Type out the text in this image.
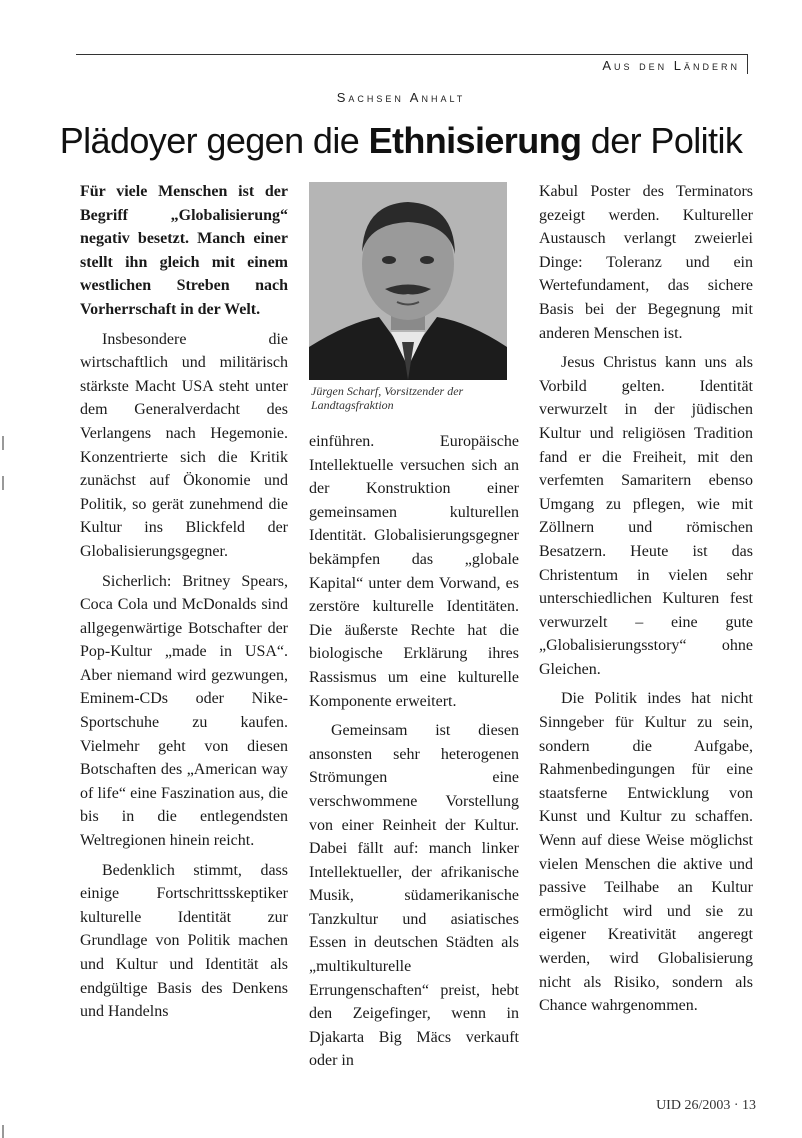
Aus den Ländern
Sachsen Anhalt
Plädoyer gegen die Ethnisierung der Politik

Für viele Menschen ist der Begriff „Globalisierung“ negativ besetzt. Manch einer stellt ihn gleich mit einem westlichen Streben nach Vorherrschaft in der Welt.

Insbesondere die wirtschaftlich und militärisch stärkste Macht USA steht unter dem Generalverdacht des Verlangens nach Hegemonie. Konzentrierte sich die Kritik zunächst auf Ökonomie und Politik, so gerät zunehmend die Kultur ins Blickfeld der Globalisierungsgegner.

Sicherlich: Britney Spears, Coca Cola und McDonalds sind allgegenwärtige Botschafter der Pop-Kultur „made in USA“. Aber niemand wird gezwungen, Eminem-CDs oder Nike-Sportschuhe zu kaufen. Vielmehr geht von diesen Botschaften des „American way of life“ eine Faszination aus, die bis in die entlegendsten Weltregionen hinein reicht.

Bedenklich stimmt, dass einige Fortschrittsskeptiker kulturelle Identität zur Grundlage von Politik machen und Kultur und Identität als endgültige Basis des Denkens und Handelns

Jürgen Scharf, Vorsitzender der Landtagsfraktion

einführen. Europäische Intellektuelle versuchen sich an der Konstruktion einer gemeinsamen kulturellen Identität. Globalisierungsgegner bekämpfen das „globale Kapital“ unter dem Vorwand, es zerstöre kulturelle Identitäten. Die äußerste Rechte hat die biologische Erklärung ihres Rassismus um eine kulturelle Komponente erweitert.

Gemeinsam ist diesen ansonsten sehr heterogenen Strömungen eine verschwommene Vorstellung von einer Reinheit der Kultur. Dabei fällt auf: manch linker Intellektueller, der afrikanische Musik, südamerikanische Tanzkultur und asiatisches Essen in deutschen Städten als „multikulturelle Errungenschaften“ preist, hebt den Zeigefinger, wenn in Djakarta Big Mäcs verkauft oder in

Kabul Poster des Terminators gezeigt werden. Kultureller Austausch verlangt zweierlei Dinge: Toleranz und ein Wertefundament, das sichere Basis bei der Begegnung mit anderen Menschen ist.

Jesus Christus kann uns als Vorbild gelten. Identität verwurzelt in der jüdischen Kultur und religiösen Tradition fand er die Freiheit, mit den verfemten Samaritern ebenso Umgang zu pflegen, wie mit Zöllnern und römischen Besatzern. Heute ist das Christentum in vielen sehr unterschiedlichen Kulturen fest verwurzelt – eine gute „Globalisierungsstory“ ohne Gleichen.

Die Politik indes hat nicht Sinngeber für Kultur zu sein, sondern die Aufgabe, Rahmenbedingungen für eine staatsferne Entwicklung von Kunst und Kultur zu schaffen. Wenn auf diese Weise möglichst vielen Menschen die aktive und passive Teilhabe an Kultur ermöglicht wird und sie zu eigener Kreativität angeregt werden, wird Globalisierung nicht als Risiko, sondern als Chance wahrgenommen.

UID 26/2003 · 13
